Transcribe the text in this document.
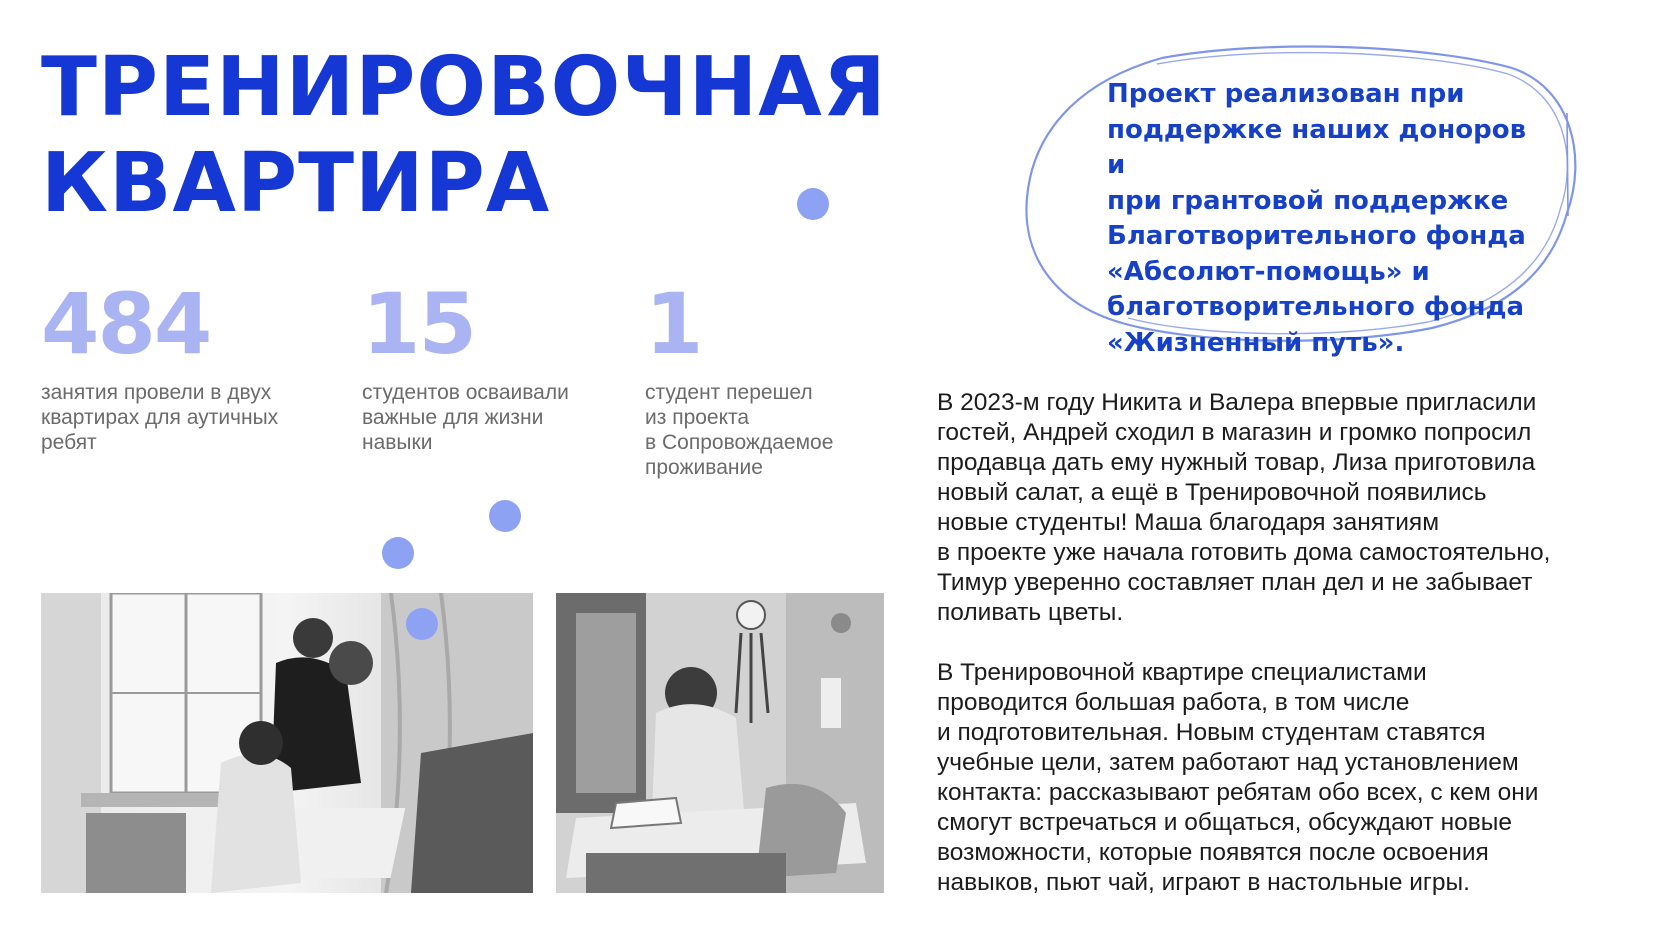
ТРЕНИРОВОЧНАЯ
КВАРТИРА
484
занятия провели в двух
квартирах для аутичных
ребят
15
студентов осваивали
важные для жизни
навыки
1
студент перешел
из проекта
в Сопровождаемое
проживание
Проект реализован при
поддержке наших доноров и
при грантовой поддержке
Благотворительного фонда
«Абсолют-помощь» и
благотворительного фонда
«Жизненный путь».

В 2023-м году Никита и Валера впервые пригласили
гостей, Андрей сходил в магазин и громко попросил
продавца дать ему нужный товар, Лиза приготовила
новый салат, а ещё в Тренировочной появились
новые студенты! Маша благодаря занятиям
в проекте уже начала готовить дома самостоятельно,
Тимур уверенно составляет план дел и не забывает
поливать цветы.

В Тренировочной квартире специалистами
проводится большая работа, в том числе
и подготовительная. Новым студентам ставятся
учебные цели, затем работают над установлением
контакта: рассказывают ребятам обо всех, с кем они
смогут встречаться и общаться, обсуждают новые
возможности, которые появятся после освоения
навыков, пьют чай, играют в настольные игры.
